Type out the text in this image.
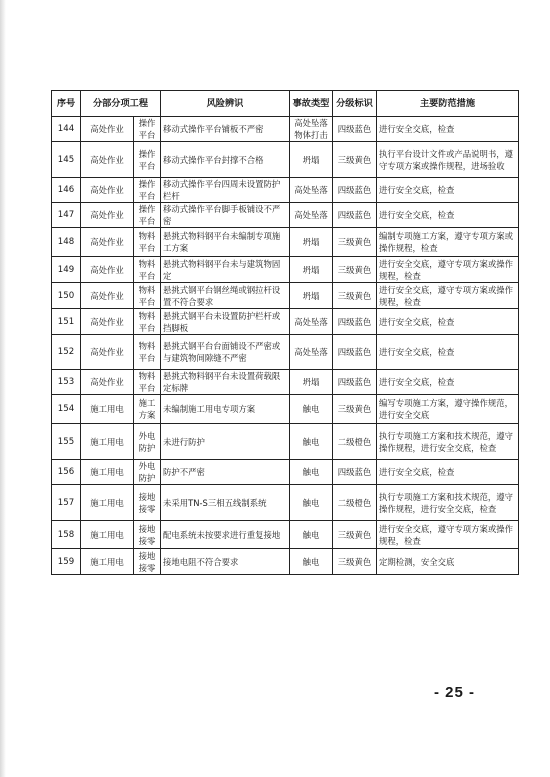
序号	分部分项工程		风险辨识	事故类型	分级标识	主要防范措施
144	高处作业	操作平台	移动式操作平台铺板不严密	高处坠落物体打击	四级蓝色	进行安全交底，检查
145	高处作业	操作平台	移动式操作平台封撑不合格	坍塌	三级黄色	执行平台设计文件或产品说明书，遵守专项方案或操作规程，进场验收
146	高处作业	操作平台	移动式操作平台四周未设置防护栏杆	高处坠落	四级蓝色	进行安全交底，检查
147	高处作业	操作平台	移动式操作平台脚手板铺设不严密	高处坠落	四级蓝色	进行安全交底，检查
148	高处作业	物料平台	悬挑式物料钢平台未编制专项施工方案	坍塌	三级黄色	编制专项施工方案，遵守专项方案或操作规程，检查
149	高处作业	物料平台	悬挑式物料钢平台未与建筑物固定	坍塌	三级黄色	进行安全交底，遵守专项方案或操作规程，检查
150	高处作业	物料平台	悬挑式钢平台钢丝绳或钢拉杆设置不符合要求	坍塌	三级黄色	进行安全交底，遵守专项方案或操作规程，检查
151	高处作业	物料平台	悬挑式钢平台未设置防护栏杆或挡脚板	高处坠落	四级蓝色	进行安全交底，检查
152	高处作业	物料平台	悬挑式钢平台台面铺设不严密或与建筑物间隙缝不严密	高处坠落	四级蓝色	进行安全交底，检查
153	高处作业	物料平台	悬挑式物料钢平台未设置荷载限定标牌	坍塌	四级蓝色	进行安全交底，检查
154	施工用电	施工方案	未编制施工用电专项方案	触电	三级黄色	编写专项施工方案，遵守操作规范，进行安全交底
155	施工用电	外电防护	未进行防护	触电	二级橙色	执行专项施工方案和技术规范，遵守操作规程，进行安全交底，检查
156	施工用电	外电防护	防护不严密	触电	四级蓝色	进行安全交底，检查
157	施工用电	接地接零	未采用TN-S三相五线制系统	触电	二级橙色	执行专项施工方案和技术规范，遵守操作规程，进行安全交底，检查
158	施工用电	接地接零	配电系统未按要求进行重复接地	触电	三级黄色	进行安全交底，遵守专项方案或操作规程，检查
159	施工用电	接地接零	接地电阻不符合要求	触电	三级黄色	定期检测，安全交底
- 25 -
